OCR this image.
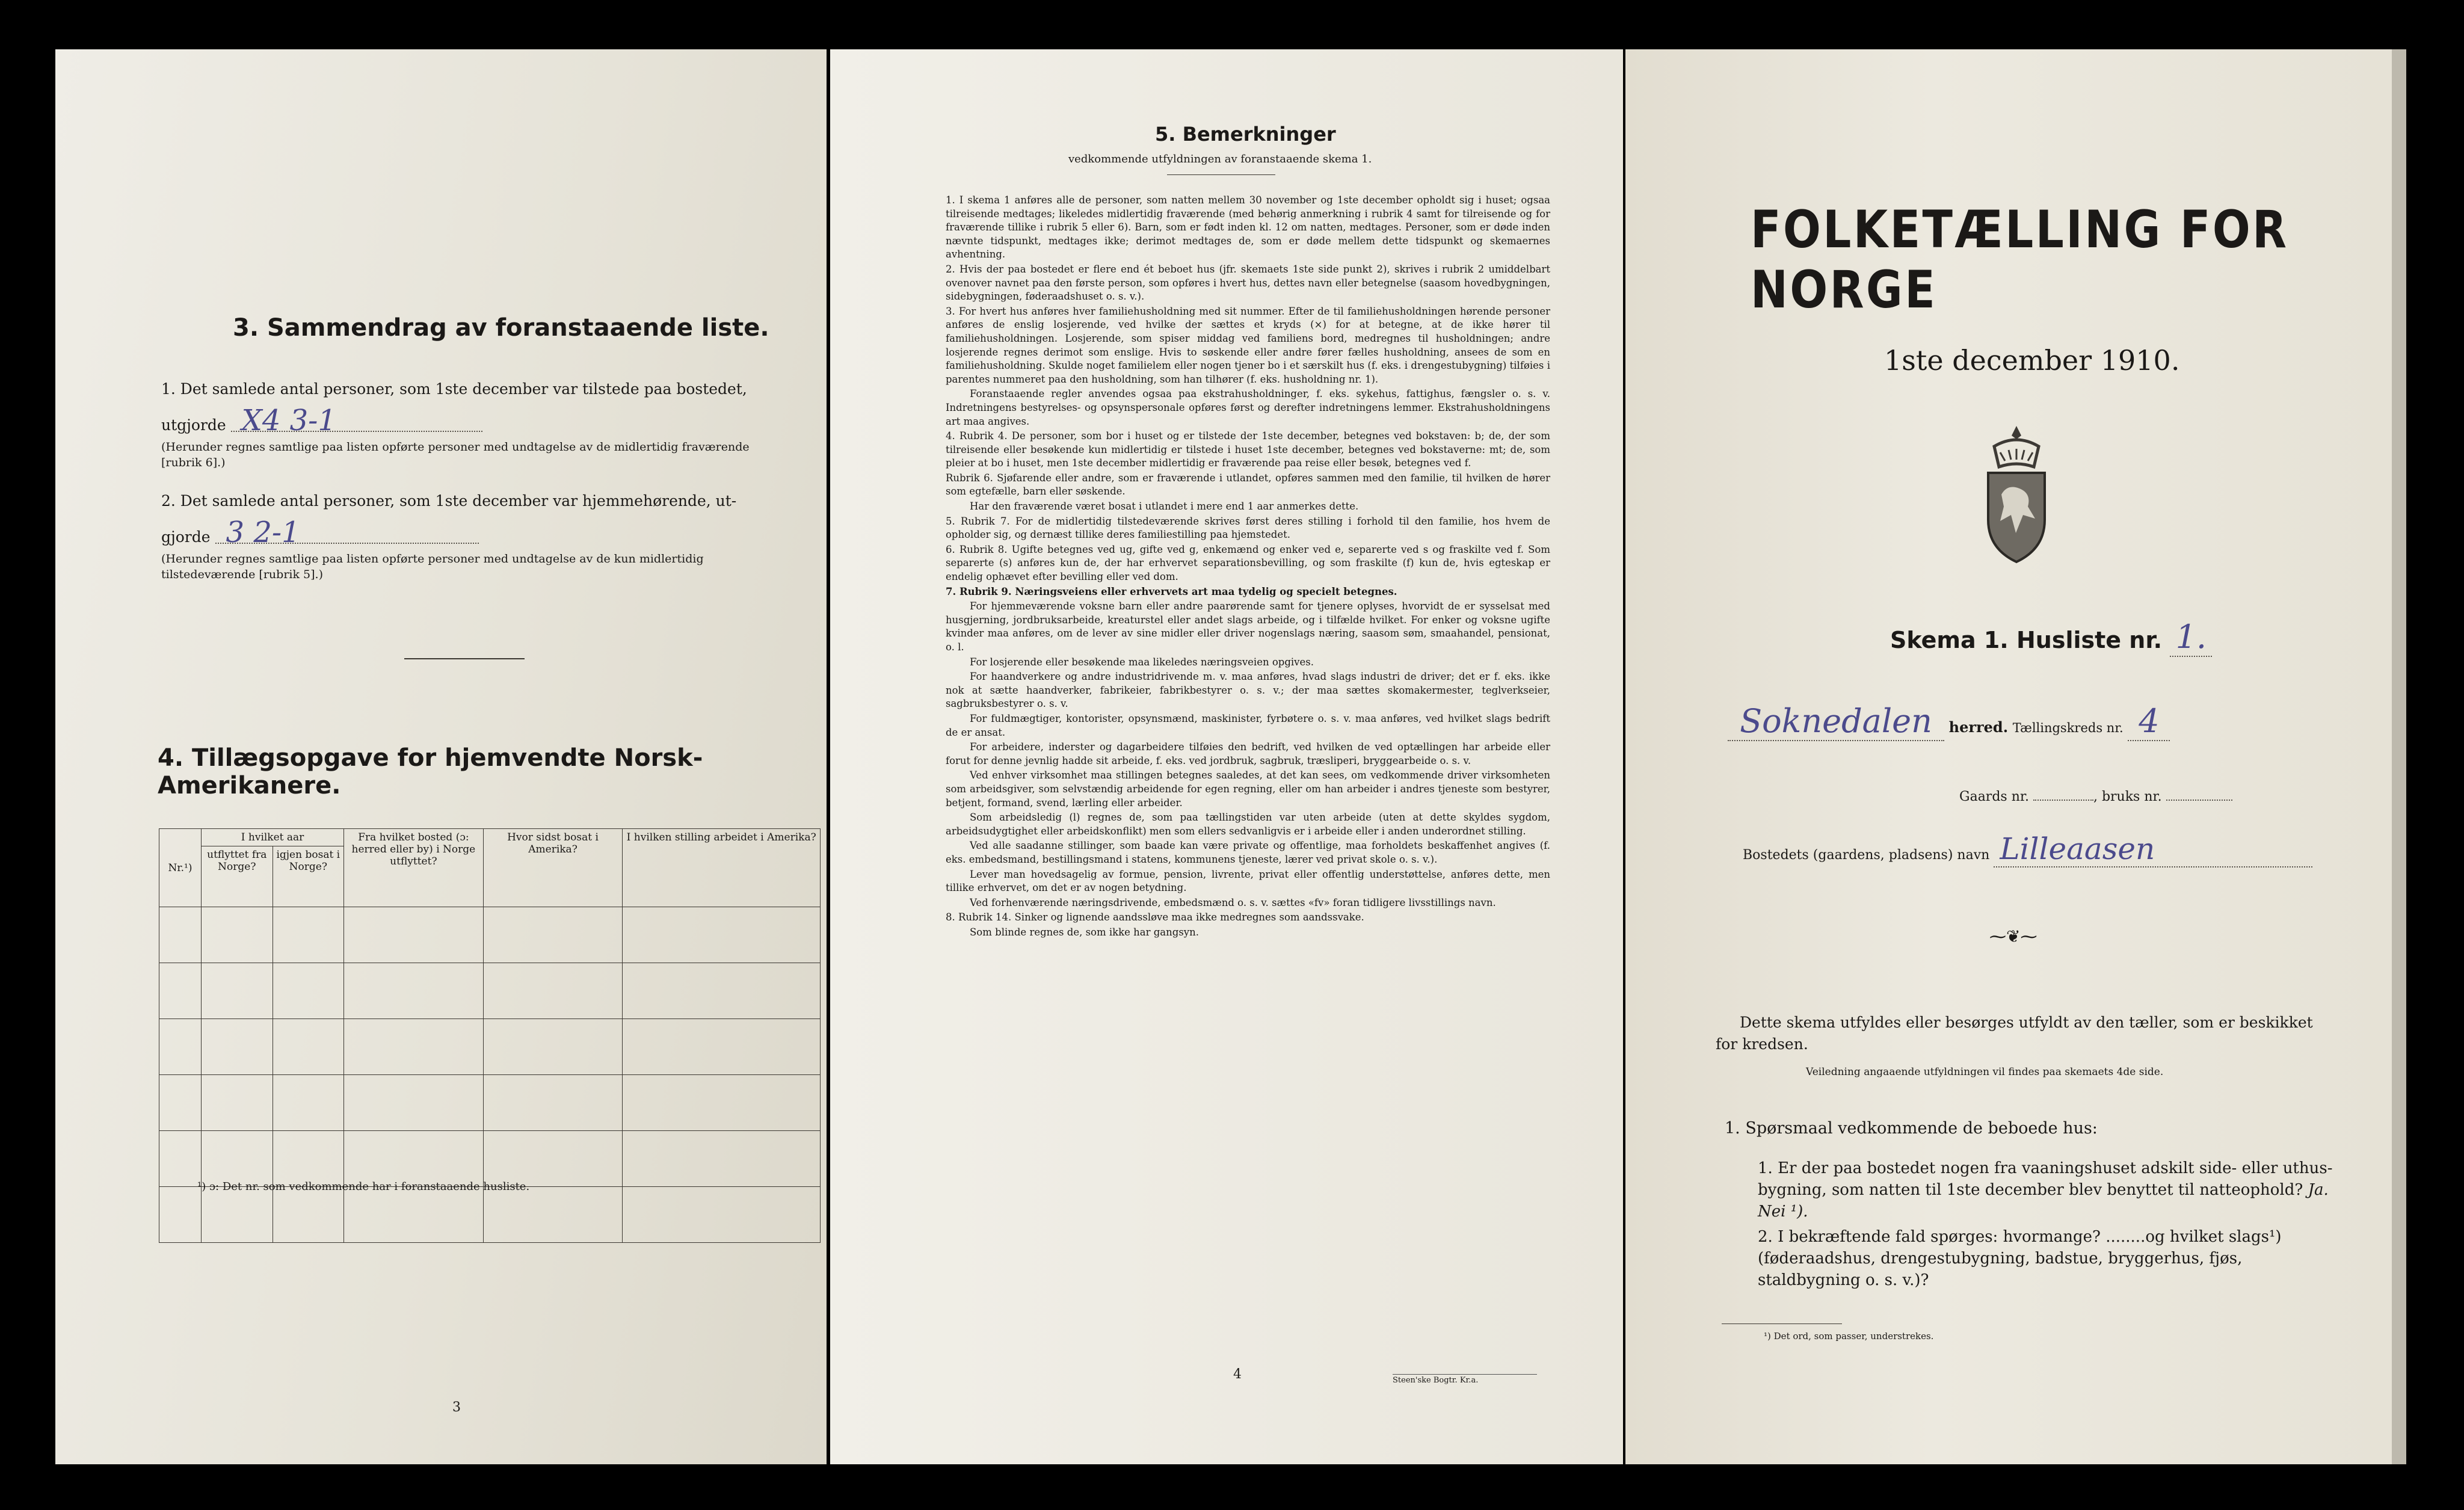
3. Sammendrag av foranstaaende liste.
1. Det samlede antal personer, som 1ste december var tilstede paa bostedet,
utgjorde X4 3-1
(Herunder regnes samtlige paa listen opførte personer med undtagelse av de midlertidig fraværende [rubrik 6].)
2. Det samlede antal personer, som 1ste december var hjemmehørende, ut-
gjorde 3 2-1
(Herunder regnes samtlige paa listen opførte personer med undtagelse av de kun midlertidig tilstedeværende [rubrik 5].)
4. Tillægsopgave for hjemvendte Norsk-Amerikanere.
Nr.¹)	I hvilket aar		Fra hvilket bosted (ɔ: herred eller by) i Norge utflyttet?	Hvor sidst bosat i Amerika?	I hvilken stilling arbeidet i Amerika?
	utflyttet fra Norge?	igjen bosat i Norge?			

¹) ɔ: Det nr. som vedkommende har i foranstaaende husliste.
3
5. Bemerkninger
vedkommende utfyldningen av foranstaaende skema 1.

1. I skema 1 anføres alle de personer, som natten mellem 30 november og 1ste december opholdt sig i huset; ogsaa tilreisende medtages; likeledes midlertidig fraværende (med behørig anmerkning i rubrik 4 samt for tilreisende og for fraværende tillike i rubrik 5 eller 6). Barn, som er født inden kl. 12 om natten, medtages. Personer, som er døde inden nævnte tidspunkt, medtages ikke; derimot medtages de, som er døde mellem dette tidspunkt og skemaernes avhentning.

2. Hvis der paa bostedet er flere end ét beboet hus (jfr. skemaets 1ste side punkt 2), skrives i rubrik 2 umiddelbart ovenover navnet paa den første person, som opføres i hvert hus, dettes navn eller betegnelse (saasom hovedbygningen, sidebygningen, føderaadshuset o. s. v.).

3. For hvert hus anføres hver familiehusholdning med sit nummer. Efter de til familiehusholdningen hørende personer anføres de enslig losjerende, ved hvilke der sættes et kryds (×) for at betegne, at de ikke hører til familiehusholdningen. Losjerende, som spiser middag ved familiens bord, medregnes til husholdningen; andre losjerende regnes derimot som enslige. Hvis to søskende eller andre fører fælles husholdning, ansees de som en familiehusholdning. Skulde noget familielem eller nogen tjener bo i et særskilt hus (f. eks. i drengestubygning) tilføies i parentes nummeret paa den husholdning, som han tilhører (f. eks. husholdning nr. 1).

Foranstaaende regler anvendes ogsaa paa ekstrahusholdninger, f. eks. sykehus, fattighus, fængsler o. s. v. Indretningens bestyrelses- og opsynspersonale opføres først og derefter indretningens lemmer. Ekstrahusholdningens art maa angives.

4. Rubrik 4. De personer, som bor i huset og er tilstede der 1ste december, betegnes ved bokstaven: b; de, der som tilreisende eller besøkende kun midlertidig er tilstede i huset 1ste december, betegnes ved bokstaverne: mt; de, som pleier at bo i huset, men 1ste december midlertidig er fraværende paa reise eller besøk, betegnes ved f.

Rubrik 6. Sjøfarende eller andre, som er fraværende i utlandet, opføres sammen med den familie, til hvilken de hører som egtefælle, barn eller søskende.

Har den fraværende været bosat i utlandet i mere end 1 aar anmerkes dette.

5. Rubrik 7. For de midlertidig tilstedeværende skrives først deres stilling i forhold til den familie, hos hvem de opholder sig, og dernæst tillike deres familiestilling paa hjemstedet.

6. Rubrik 8. Ugifte betegnes ved ug, gifte ved g, enkemænd og enker ved e, separerte ved s og fraskilte ved f. Som separerte (s) anføres kun de, der har erhvervet separationsbevilling, og som fraskilte (f) kun de, hvis egteskap er endelig ophævet efter bevilling eller ved dom.

7. Rubrik 9. Næringsveiens eller erhvervets art maa tydelig og specielt betegnes.

For hjemmeværende voksne barn eller andre paarørende samt for tjenere oplyses, hvorvidt de er sysselsat med husgjerning, jordbruksarbeide, kreaturstel eller andet slags arbeide, og i tilfælde hvilket. For enker og voksne ugifte kvinder maa anføres, om de lever av sine midler eller driver nogenslags næring, saasom søm, smaahandel, pensionat, o. l.

For losjerende eller besøkende maa likeledes næringsveien opgives.

For haandverkere og andre industridrivende m. v. maa anføres, hvad slags industri de driver; det er f. eks. ikke nok at sætte haandverker, fabrikeier, fabrikbestyrer o. s. v.; der maa sættes skomakermester, teglverkseier, sagbruksbestyrer o. s. v.

For fuldmægtiger, kontorister, opsynsmænd, maskinister, fyrbøtere o. s. v. maa anføres, ved hvilket slags bedrift de er ansat.

For arbeidere, inderster og dagarbeidere tilføies den bedrift, ved hvilken de ved optællingen har arbeide eller forut for denne jevnlig hadde sit arbeide, f. eks. ved jordbruk, sagbruk, træsliperi, bryggearbeide o. s. v.

Ved enhver virksomhet maa stillingen betegnes saaledes, at det kan sees, om vedkommende driver virksomheten som arbeidsgiver, som selvstændig arbeidende for egen regning, eller om han arbeider i andres tjeneste som bestyrer, betjent, formand, svend, lærling eller arbeider.

Som arbeidsledig (l) regnes de, som paa tællingstiden var uten arbeide (uten at dette skyldes sygdom, arbeidsudygtighet eller arbeidskonflikt) men som ellers sedvanligvis er i arbeide eller i anden underordnet stilling.

Ved alle saadanne stillinger, som baade kan være private og offentlige, maa forholdets beskaffenhet angives (f. eks. embedsmand, bestillingsmand i statens, kommunens tjeneste, lærer ved privat skole o. s. v.).

Lever man hovedsagelig av formue, pension, livrente, privat eller offentlig understøttelse, anføres dette, men tillike erhvervet, om det er av nogen betydning.

Ved forhenværende næringsdrivende, embedsmænd o. s. v. sættes «fv» foran tidligere livsstillings navn.

8. Rubrik 14. Sinker og lignende aandssløve maa ikke medregnes som aandssvake.

Som blinde regnes de, som ikke har gangsyn.

4	Steen'ske Bogtr. Kr.a.
FOLKETÆLLING FOR NORGE
1ste december 1910.
Skema 1. Husliste nr. 1.
Soknedalen herred. Tællingskreds nr. 4
Gaards nr.	, bruks nr.
Bostedets (gaardens, pladsens) navn Lilleaasen
⁓❦⁓
Dette skema utfyldes eller besørges utfyldt av den tæller, som er beskikket for kredsen.
Veiledning angaaende utfyldningen vil findes paa skemaets 4de side.
1. Spørsmaal vedkommende de beboede hus:
1. Er der paa bostedet nogen fra vaaningshuset adskilt side- eller uthus-bygning, som natten til 1ste december blev benyttet til natteophold? Ja. Nei ¹).
2. I bekræftende fald spørges: hvormange? ........og hvilket slags¹) (føderaadshus, drengestubygning, badstue, bryggerhus, fjøs, staldbygning o. s. v.)?
¹) Det ord, som passer, understrekes.
